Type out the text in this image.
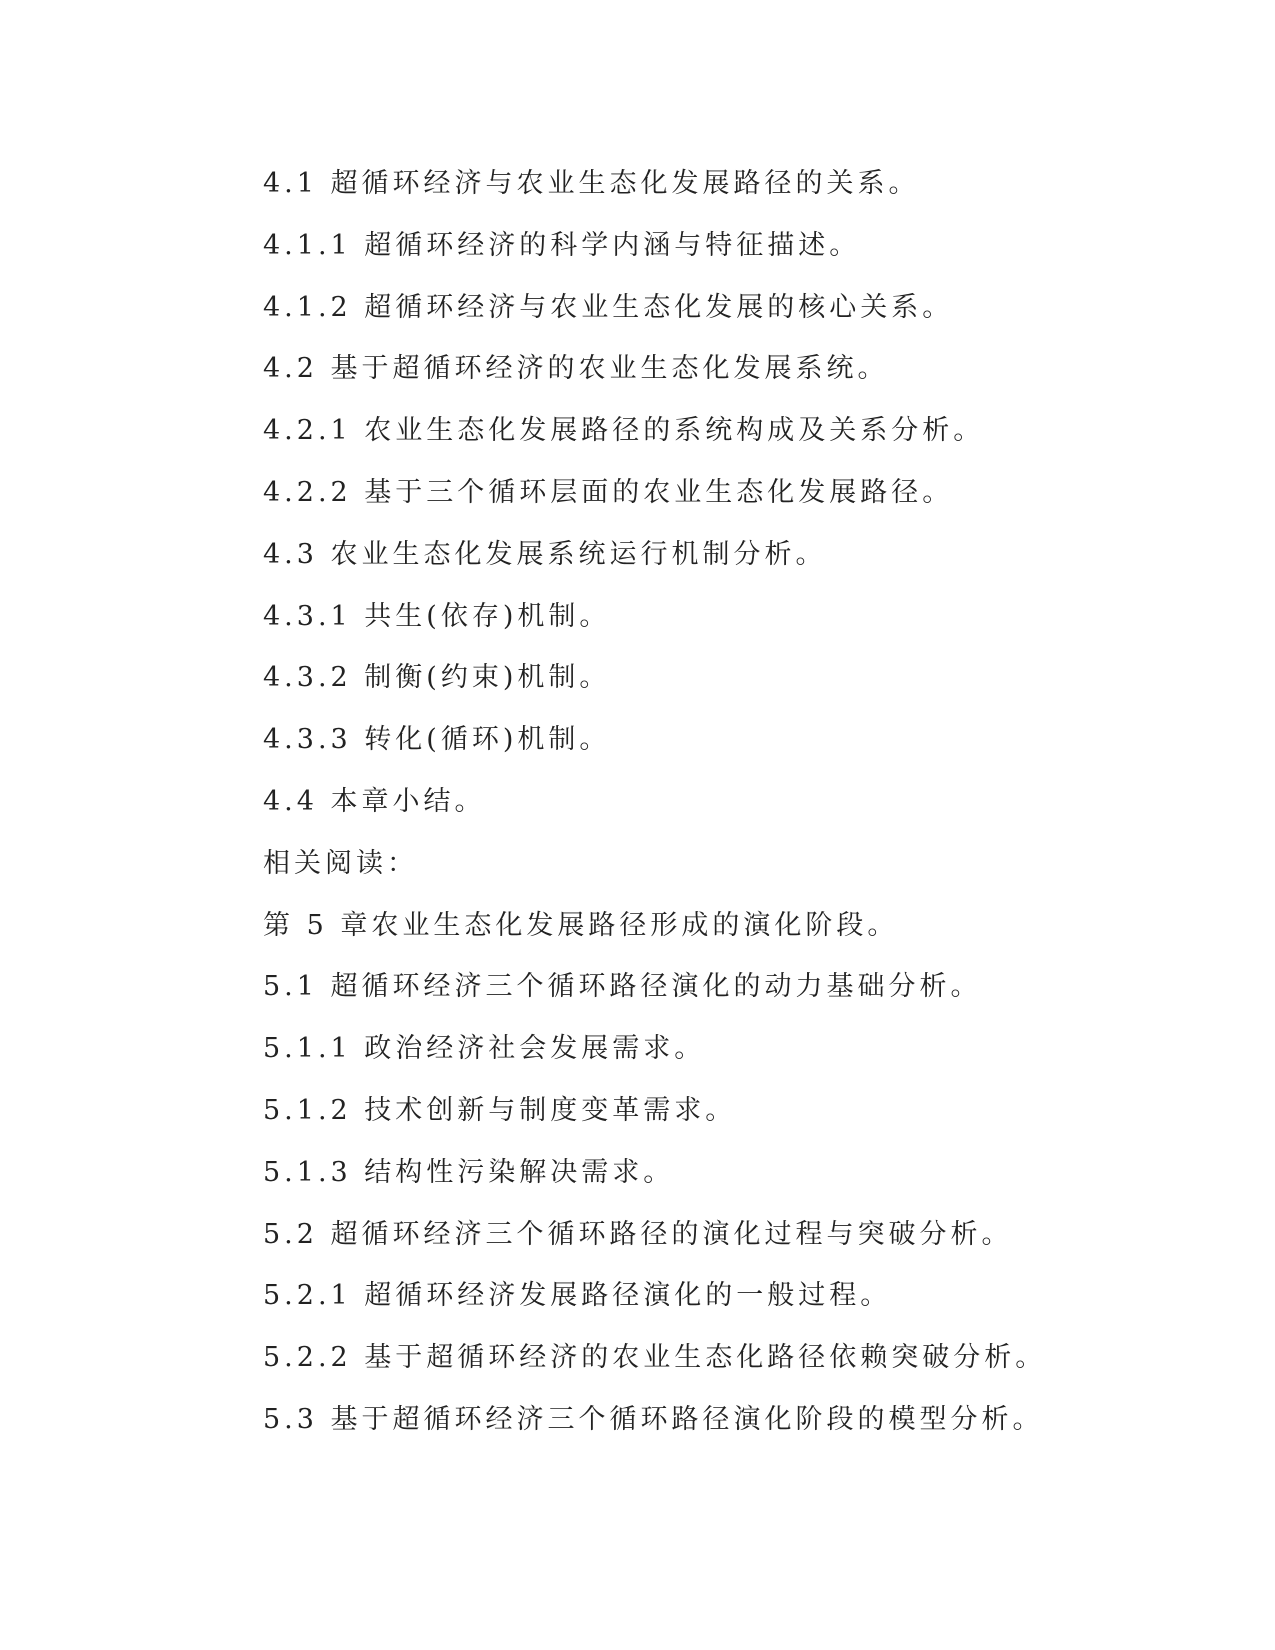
4.1 超循环经济与农业生态化发展路径的关系。
4.1.1 超循环经济的科学内涵与特征描述。
4.1.2 超循环经济与农业生态化发展的核心关系。
4.2 基于超循环经济的农业生态化发展系统。
4.2.1 农业生态化发展路径的系统构成及关系分析。
4.2.2 基于三个循环层面的农业生态化发展路径。
4.3 农业生态化发展系统运行机制分析。
4.3.1 共生(依存)机制。
4.3.2 制衡(约束)机制。
4.3.3 转化(循环)机制。
4.4 本章小结。
相关阅读：
第 5 章农业生态化发展路径形成的演化阶段。
5.1 超循环经济三个循环路径演化的动力基础分析。
5.1.1 政治经济社会发展需求。
5.1.2 技术创新与制度变革需求。
5.1.3 结构性污染解决需求。
5.2 超循环经济三个循环路径的演化过程与突破分析。
5.2.1 超循环经济发展路径演化的一般过程。
5.2.2 基于超循环经济的农业生态化路径依赖突破分析。
5.3 基于超循环经济三个循环路径演化阶段的模型分析。
